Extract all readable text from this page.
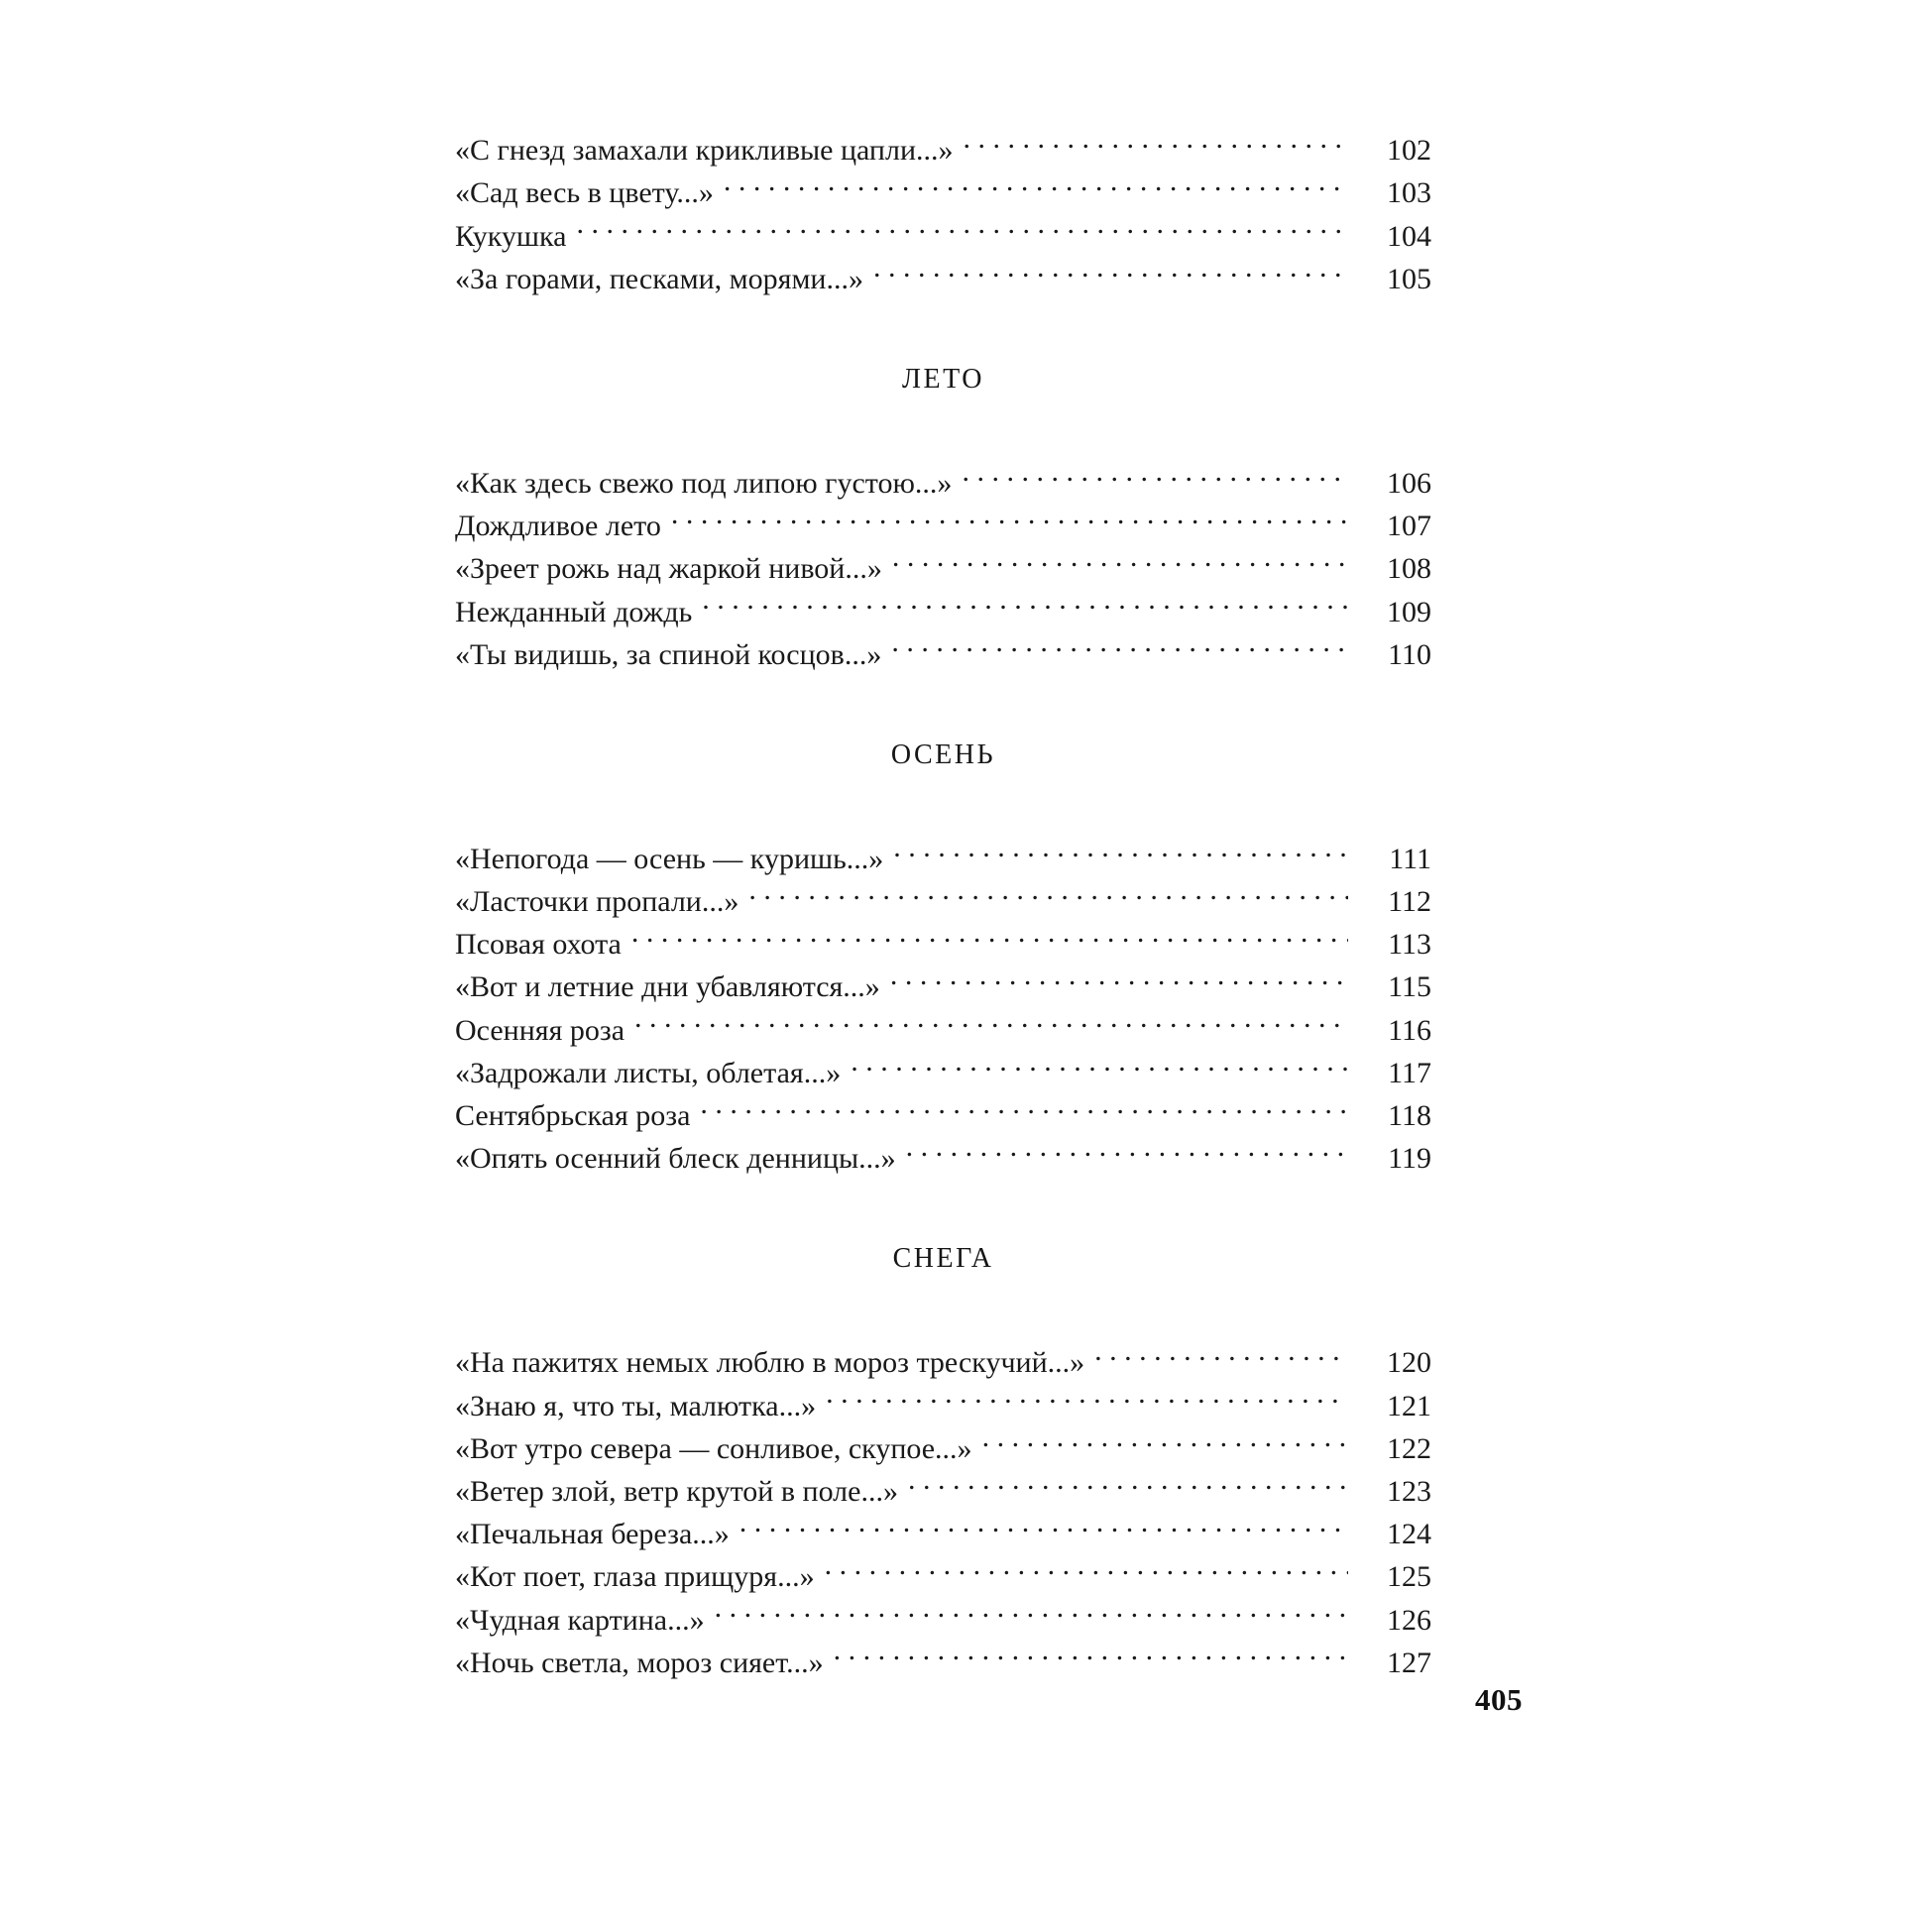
«С гнезд замахали крикливые цапли...» . . .	102
«Сад весь в цвету...» . . .	103
Кукушка . . .	104
«За горами, песками, морями...» . . .	105
ЛЕТО
«Как здесь свежо под липою густою...» . . .	106
Дождливое лето . . .	107
«Зреет рожь над жаркой нивой...» . . .	108
Нежданный дождь . . .	109
«Ты видишь, за спиной косцов...» . . .	110
ОСЕНЬ
«Непогода — осень — куришь...» . . .	111
«Ласточки пропали...» . . .	112
Псовая охота . . .	113
«Вот и летние дни убавляются...» . . .	115
Осенняя роза . . .	116
«Задрожали листы, облетая...» . . .	117
Сентябрьская роза . . .	118
«Опять осенний блеск денницы...» . . .	119
СНЕГА
«На пажитях немых люблю в мороз трескучий...» . . .	120
«Знаю я, что ты, малютка...» . . .	121
«Вот утро севера — сонливое, скупое...» . . .	122
«Ветер злой, ветр крутой в поле...» . . .	123
«Печальная береза...» . . .	124
«Кот поет, глаза прищуря...» . . .	125
«Чудная картина...» . . .	126
«Ночь светла, мороз сияет...» . . .	127
405
